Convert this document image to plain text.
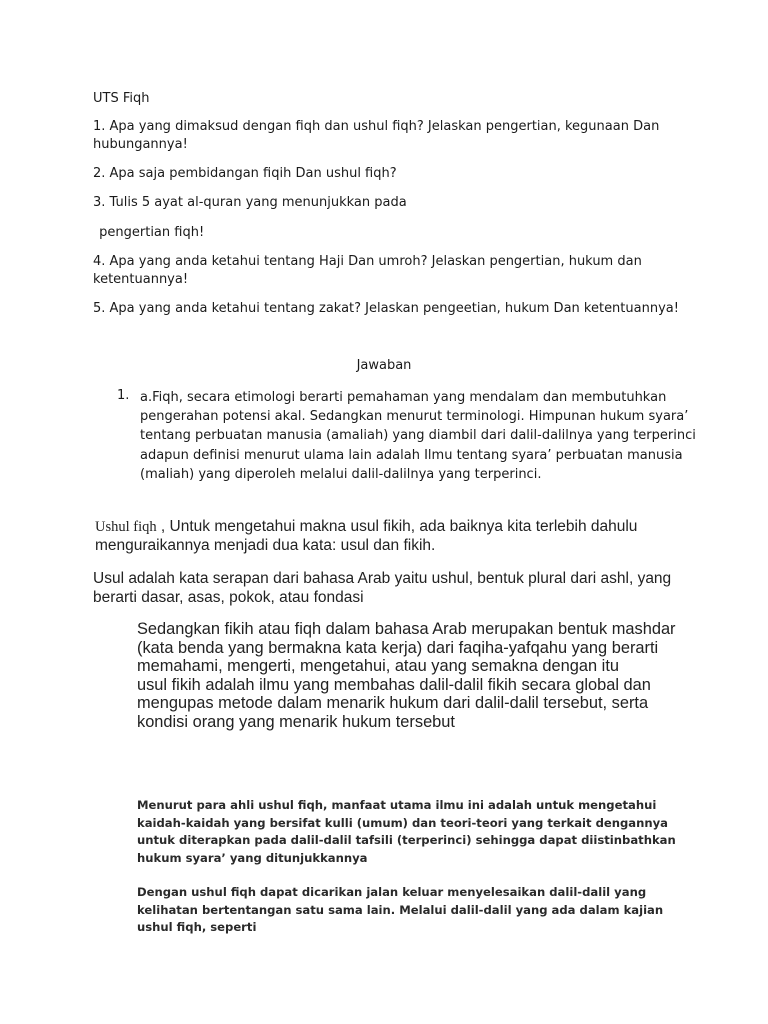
UTS Fiqh

1. Apa yang dimaksud dengan fiqh dan ushul fiqh? Jelaskan pengertian, kegunaan Dan hubungannya!

2. Apa saja pembidangan fiqih Dan ushul fiqh?

3. Tulis 5 ayat al-quran yang menunjukkan pada

pengertian fiqh!

4. Apa yang anda ketahui tentang Haji Dan umroh? Jelaskan pengertian, hukum dan ketentuannya!

5. Apa yang anda ketahui tentang zakat? Jelaskan pengeetian, hukum Dan ketentuannya!

Jawaban

1. a.Fiqh, secara etimologi berarti pemahaman yang mendalam dan membutuhkan pengerahan potensi akal. Sedangkan menurut terminologi. Himpunan hukum syara’ tentang perbuatan manusia (amaliah) yang diambil dari dalil-dalilnya yang terperinci adapun definisi menurut ulama lain adalah Ilmu tentang syara’ perbuatan manusia (maliah) yang diperoleh melalui dalil-dalilnya yang terperinci.

Ushul fiqh , Untuk mengetahui makna usul fikih, ada baiknya kita terlebih dahulu menguraikannya menjadi dua kata: usul dan fikih.

Usul adalah kata serapan dari bahasa Arab yaitu ushul, bentuk plural dari ashl, yang berarti dasar, asas, pokok, atau fondasi

Sedangkan fikih atau fiqh dalam bahasa Arab merupakan bentuk mashdar (kata benda yang bermakna kata kerja) dari faqiha-yafqahu yang berarti memahami, mengerti, mengetahui, atau yang semakna dengan itu

usul fikih adalah ilmu yang membahas dalil-dalil fikih secara global dan mengupas metode dalam menarik hukum dari dalil-dalil tersebut, serta kondisi orang yang menarik hukum tersebut

Menurut para ahli ushul fiqh, manfaat utama ilmu ini adalah untuk mengetahui kaidah-kaidah yang bersifat kulli (umum) dan teori-teori yang terkait dengannya untuk diterapkan pada dalil-dalil tafsili (terperinci) sehingga dapat diistinbathkan hukum syara’ yang ditunjukkannya

Dengan ushul fiqh dapat dicarikan jalan keluar menyelesaikan dalil-dalil yang kelihatan bertentangan satu sama lain. Melalui dalil-dalil yang ada dalam kajian ushul fiqh, seperti
